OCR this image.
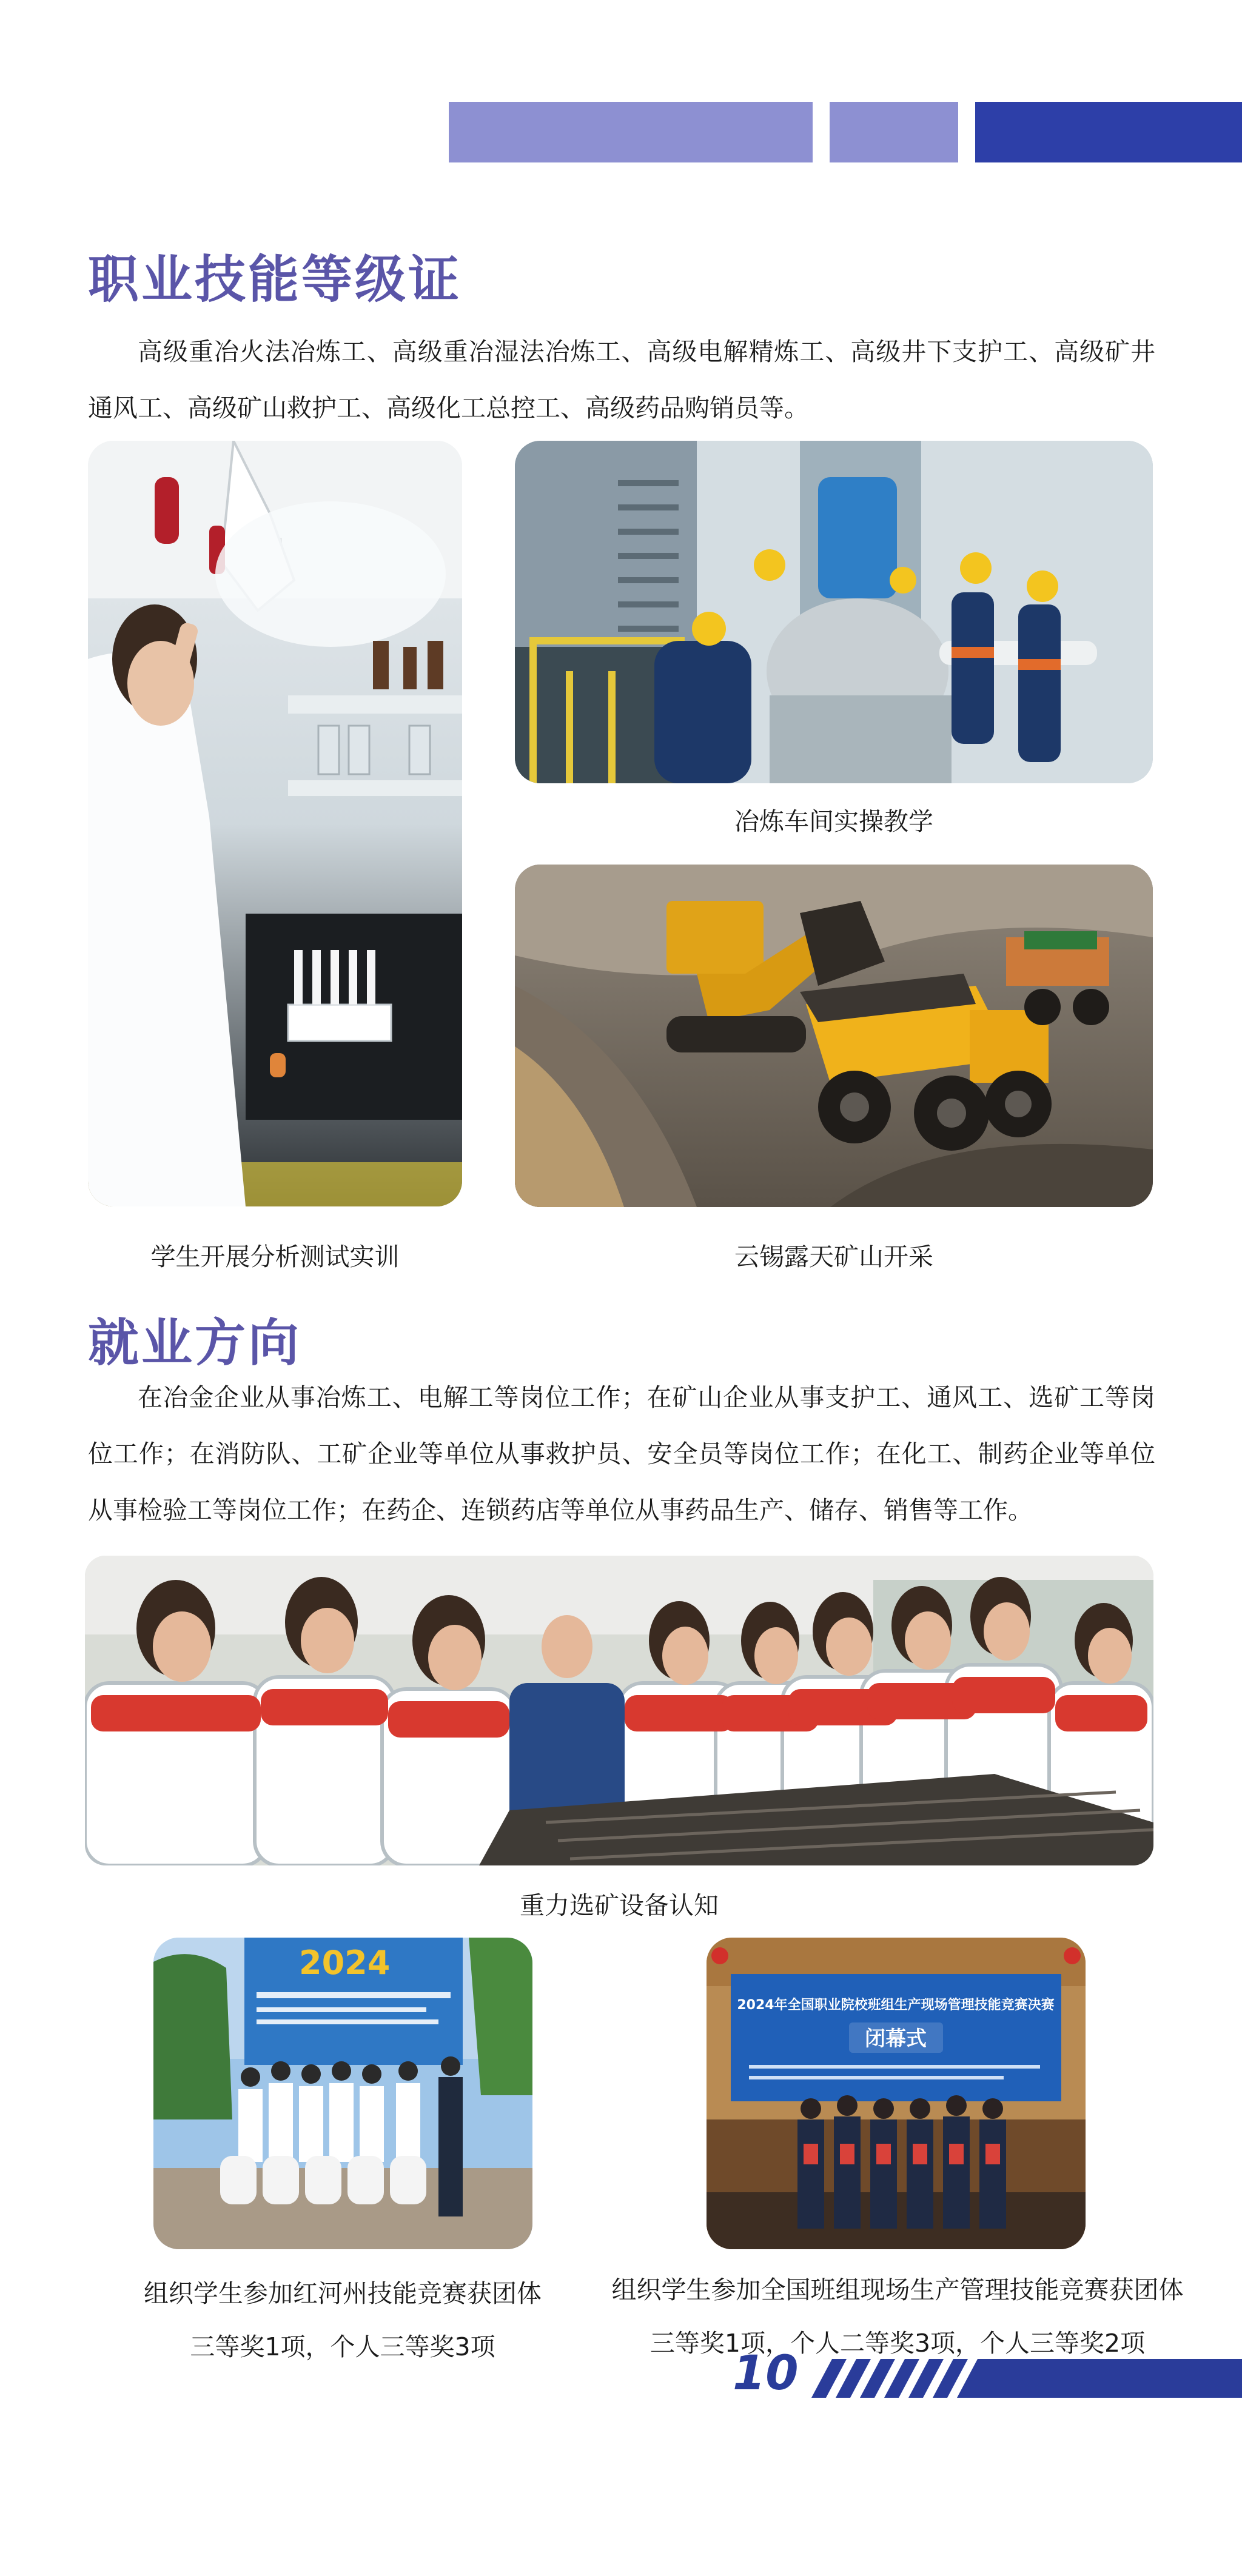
职业技能等级证
高级重冶火法冶炼工、高级重冶湿法冶炼工、高级电解精炼工、高级井下支护工、高级矿井通风工、高级矿山救护工、高级化工总控工、高级药品购销员等。
冶炼车间实操教学
学生开展分析测试实训	云锡露天矿山开采
就业方向
在冶金企业从事冶炼工、电解工等岗位工作；在矿山企业从事支护工、通风工、选矿工等岗位工作；在消防队、工矿企业等单位从事救护员、安全员等岗位工作；在化工、制药企业等单位从事检验工等岗位工作；在药企、连锁药店等单位从事药品生产、储存、销售等工作。
重力选矿设备认知
2024
组织学生参加红河州技能竞赛获团体
三等奖1项，个人三等奖3项
2024年全国职业院校班组生产现场管理技能竞赛决赛
闭幕式
组织学生参加全国班组现场生产管理技能竞赛获团体
三等奖1项，个人二等奖3项，个人三等奖2项
10
